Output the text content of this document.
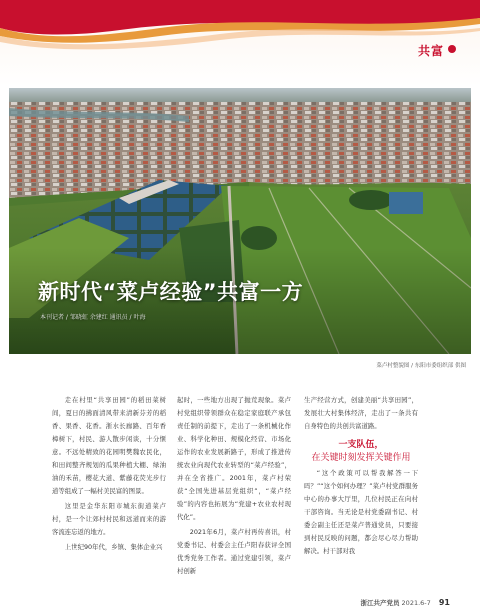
共富
新时代“菜卢经验”共富一方
本刊记者 / 邹晓虹 余建红 通讯员 / 叶海
菜卢村整貌图 / 东阳市委组织部 供图

走在村里“共享田园”的稻田菜树间，夏日的拂面清风带来清新芬芳的稻香、果香、花香。浙水长廊路、百年香樟树下，村民、游人散步闲谈，十分惬意。不远处精致的花园明樊魏农民化，和田间整齐规划的瓜果种植大棚、绿油油的禾苗，樱花大道、紫藤花荧光步行道等组成了一幅村美民富的图景。

这里是金华东阳市城东街道菜卢村，是一个让郊村村民和远道而来的游客流连忘返的地方。

上世纪90年代，乡镇、集体企业兴

起时，一些地方出现了抛荒现象。菜卢村党组织带领群众在稳定家庭联产承包责任制的前提下，走出了一条机械化作业、科学化种田、规模化经营、市场化运作的农业发展新路子，形成了推进传统农业向现代农业转型的“菜卢经验”，并在全省推广。2001年，菜卢村荣获“全国先进基层党组织”，“菜卢经验”的内容也拓展为“党建+农业农村现代化”。

2021年6月，菜卢村再传喜讯，村党委书记、村委会主任卢阳春获评全国优秀党务工作者。通过党建引领，菜卢村创新

生产经营方式，创建美丽“共享田园”，发展壮大村集体经济，走出了一条共有自身特色的共创共富道路。

一支队伍，
在关键时刻发挥关键作用

“这个政策可以帮我解答一下吗？”“这个如何办理？”菜卢村党群服务中心的办事大厅里，几位村民正在向村干部咨询。当无论是村党委副书记、村委会副主任还是菜卢普通党员，只要接到村民反映的问题，都会尽心尽力帮助解决。村干部对我

浙江共产党员 2021.6-7 91
